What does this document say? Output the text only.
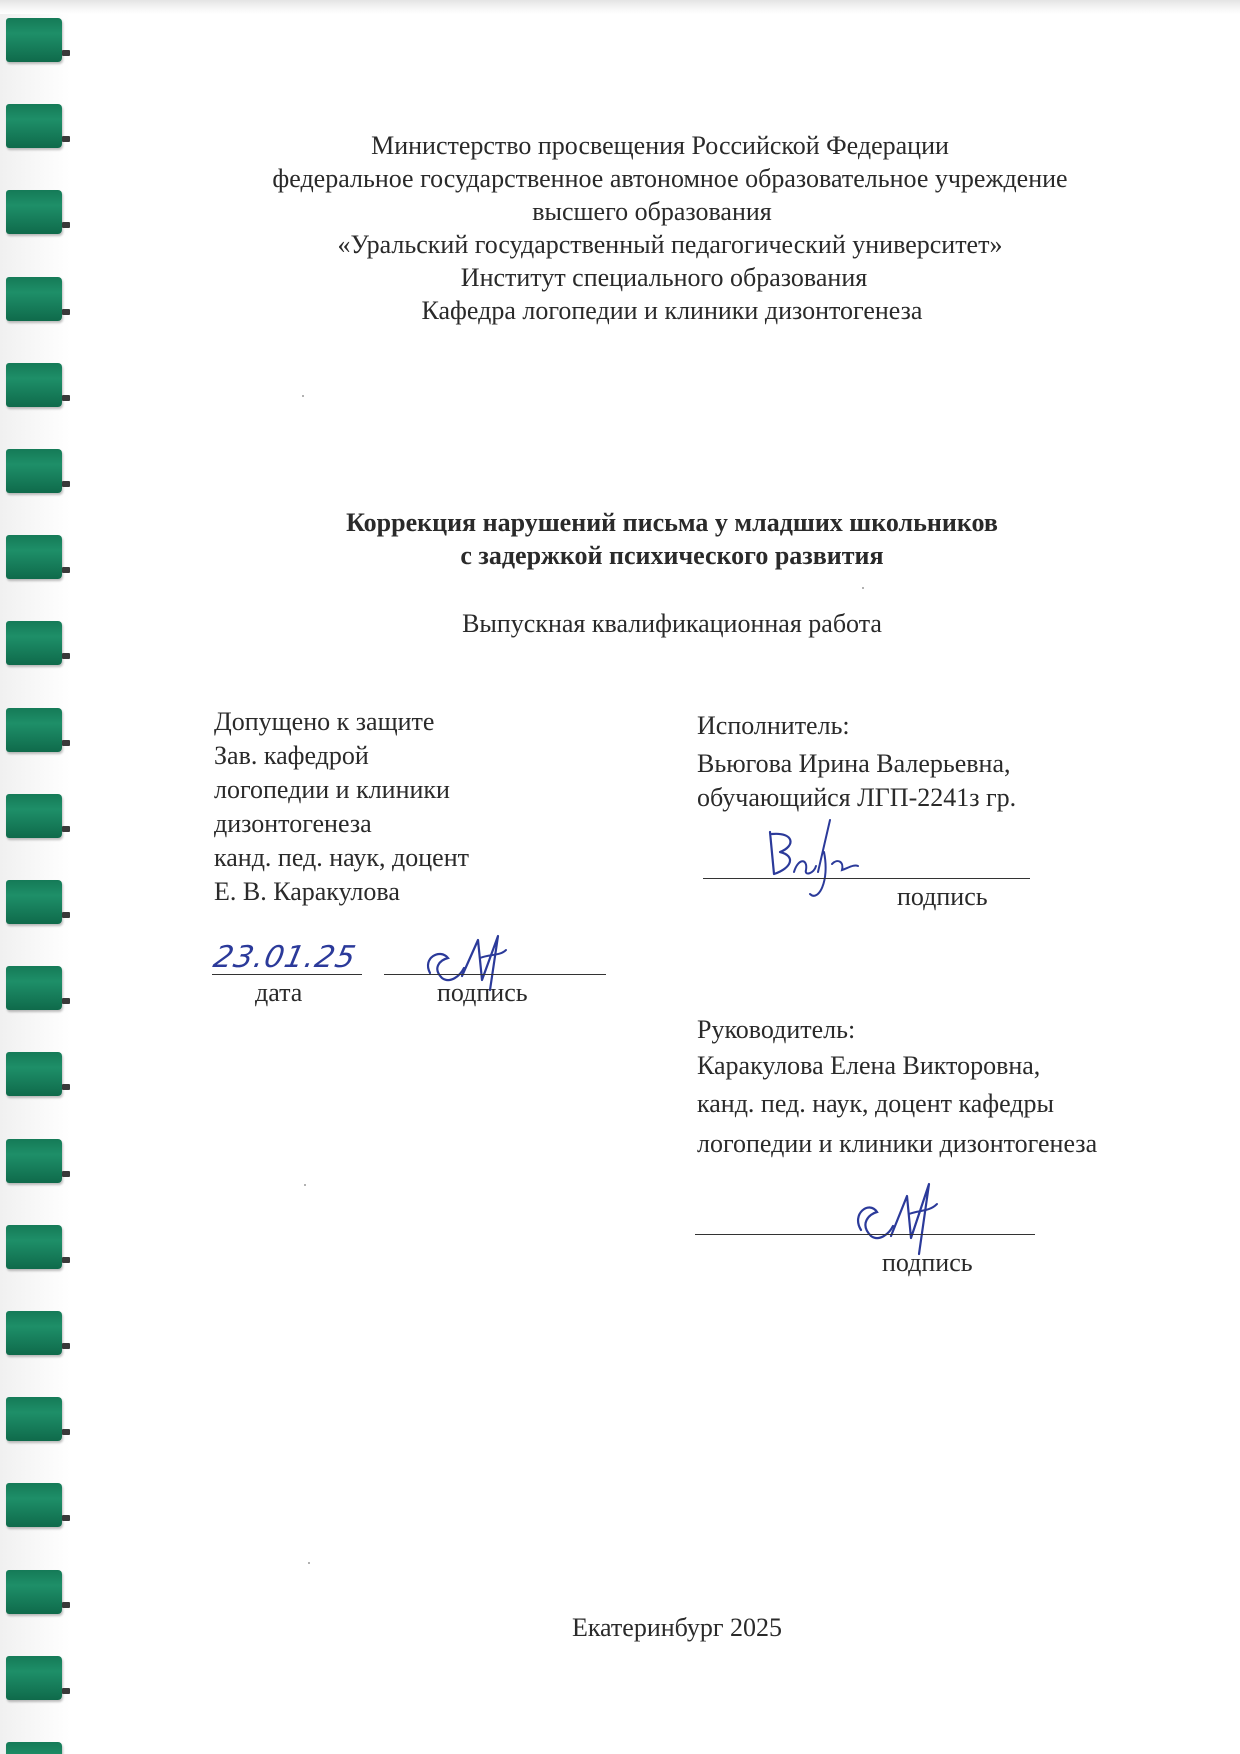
Министерство просвещения Российской Федерации
федеральное государственное автономное образовательное учреждение
высшего образования
«Уральский государственный педагогический университет»
Институт специального образования
Кафедра логопедии и клиники дизонтогенеза
Коррекция нарушений письма у младших школьников
с задержкой психического развития
Выпускная квалификационная работа
Допущено к защите
Зав. кафедрой
логопедии и клиники
дизонтогенеза
канд. пед. наук, доцент
Е. В. Каракулова
23.01.25
дата	подпись
Исполнитель:
Вьюгова Ирина Валерьевна,
обучающийся ЛГП-2241з гр.
подпись
Руководитель:
Каракулова Елена Викторовна,
канд. пед. наук, доцент кафедры
логопедии и клиники дизонтогенеза
подпись
Екатеринбург 2025
